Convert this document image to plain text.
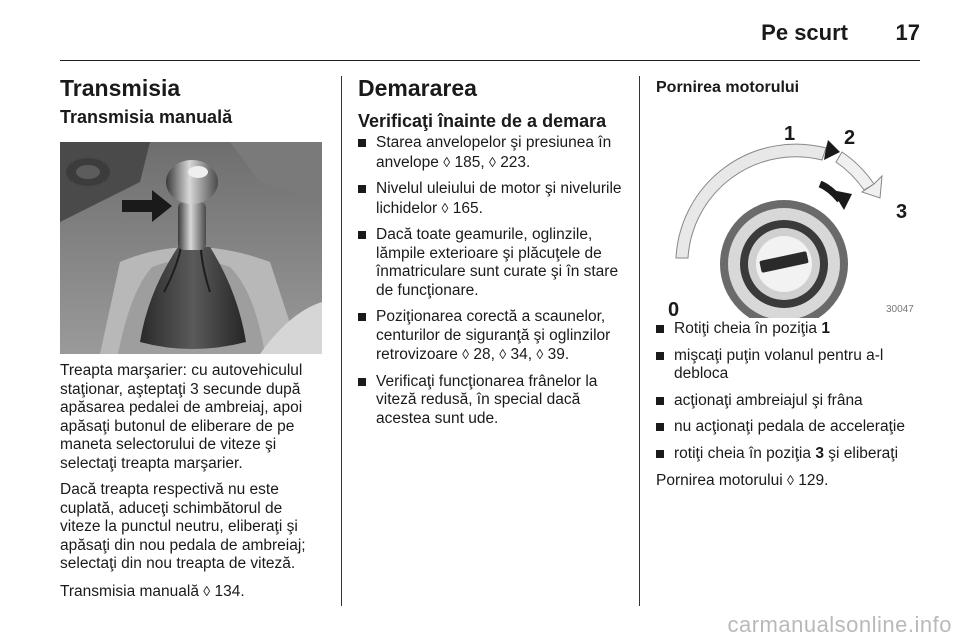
Pe scurt 17
Transmisia
Transmisia manuală

Treapta marşarier: cu autovehiculul staţionar, aşteptaţi 3 secunde după apăsarea pedalei de ambreiaj, apoi apăsaţi butonul de eliberare de pe maneta selectorului de viteze şi selectaţi treapta marşarier.

Dacă treapta respectivă nu este cuplată, aduceţi schimbătorul de viteze la punctul neutru, eliberaţi şi apăsaţi din nou pedala de ambreiaj; selectaţi din nou treapta de viteză.

Transmisia manuală ◊ 134.

Demararea
Verificaţi înainte de a demara
Starea anvelopelor şi presiunea în anvelope ◊ 185, ◊ 223.
Nivelul uleiului de motor şi nivelurile lichidelor ◊ 165.
Dacă toate geamurile, oglinzile, lămpile exterioare şi plăcuţele de înmatriculare sunt curate şi în stare de funcţionare.
Poziţionarea corectă a scaunelor, centurilor de siguranţă şi oglinzilor retrovizoare ◊ 28, ◊ 34, ◊ 39.
Verificaţi funcţionarea frânelor la viteză redusă, în special dacă acestea sunt ude.
Pornirea motorului
0
1 2
3
30047
Rotiţi cheia în poziţia 1
mişcaţi puţin volanul pentru a-l debloca
acţionaţi ambreiajul şi frâna
nu acţionaţi pedala de acceleraţie
rotiţi cheia în poziţia 3 şi eliberaţi

Pornirea motorului ◊ 129.

carmanualsonline.info
